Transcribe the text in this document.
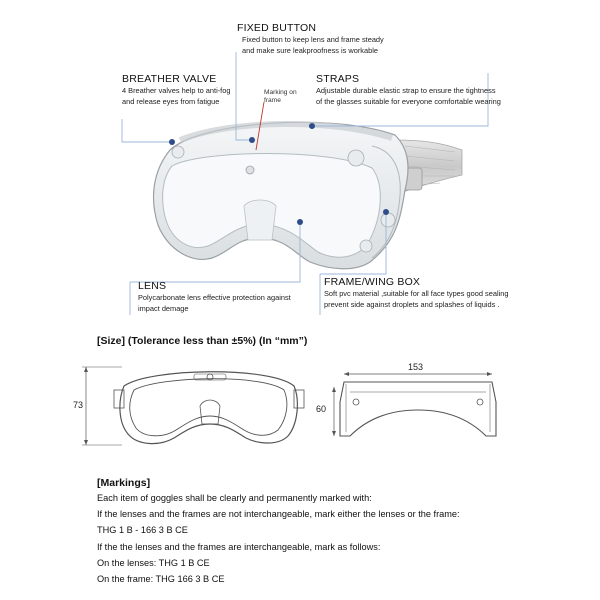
FIXED BUTTON
Fixed button to keep lens and frame steady
and make sure leakproofness is workable
BREATHER VALVE
4 Breather valves help to anti-fog
and release eyes from fatigue
Marking on
frame
STRAPS
Adjustable durable elastic strap to ensure the tightness
of the glasses suitable for everyone comfortable wearing
LENS
Polycarbonate lens effective protection against
impact demage
FRAME/WING BOX
Soft pvc material ,suitable for all face types good sealing
prevent side against droplets and splashes of liquids .
[Size] (Tolerance less than ±5%) (In “mm”)
73
153
60
[Markings]
Each item of goggles shall be clearly and permanently marked with:
If the lenses and the frames are not interchangeable, mark either the lenses or the frame:
THG 1 B - 166 3 B CE
If the the lenses and the frames are interchangeable, mark as follows:
On the lenses: THG 1 B CE
On the frame: THG 166 3 B CE
